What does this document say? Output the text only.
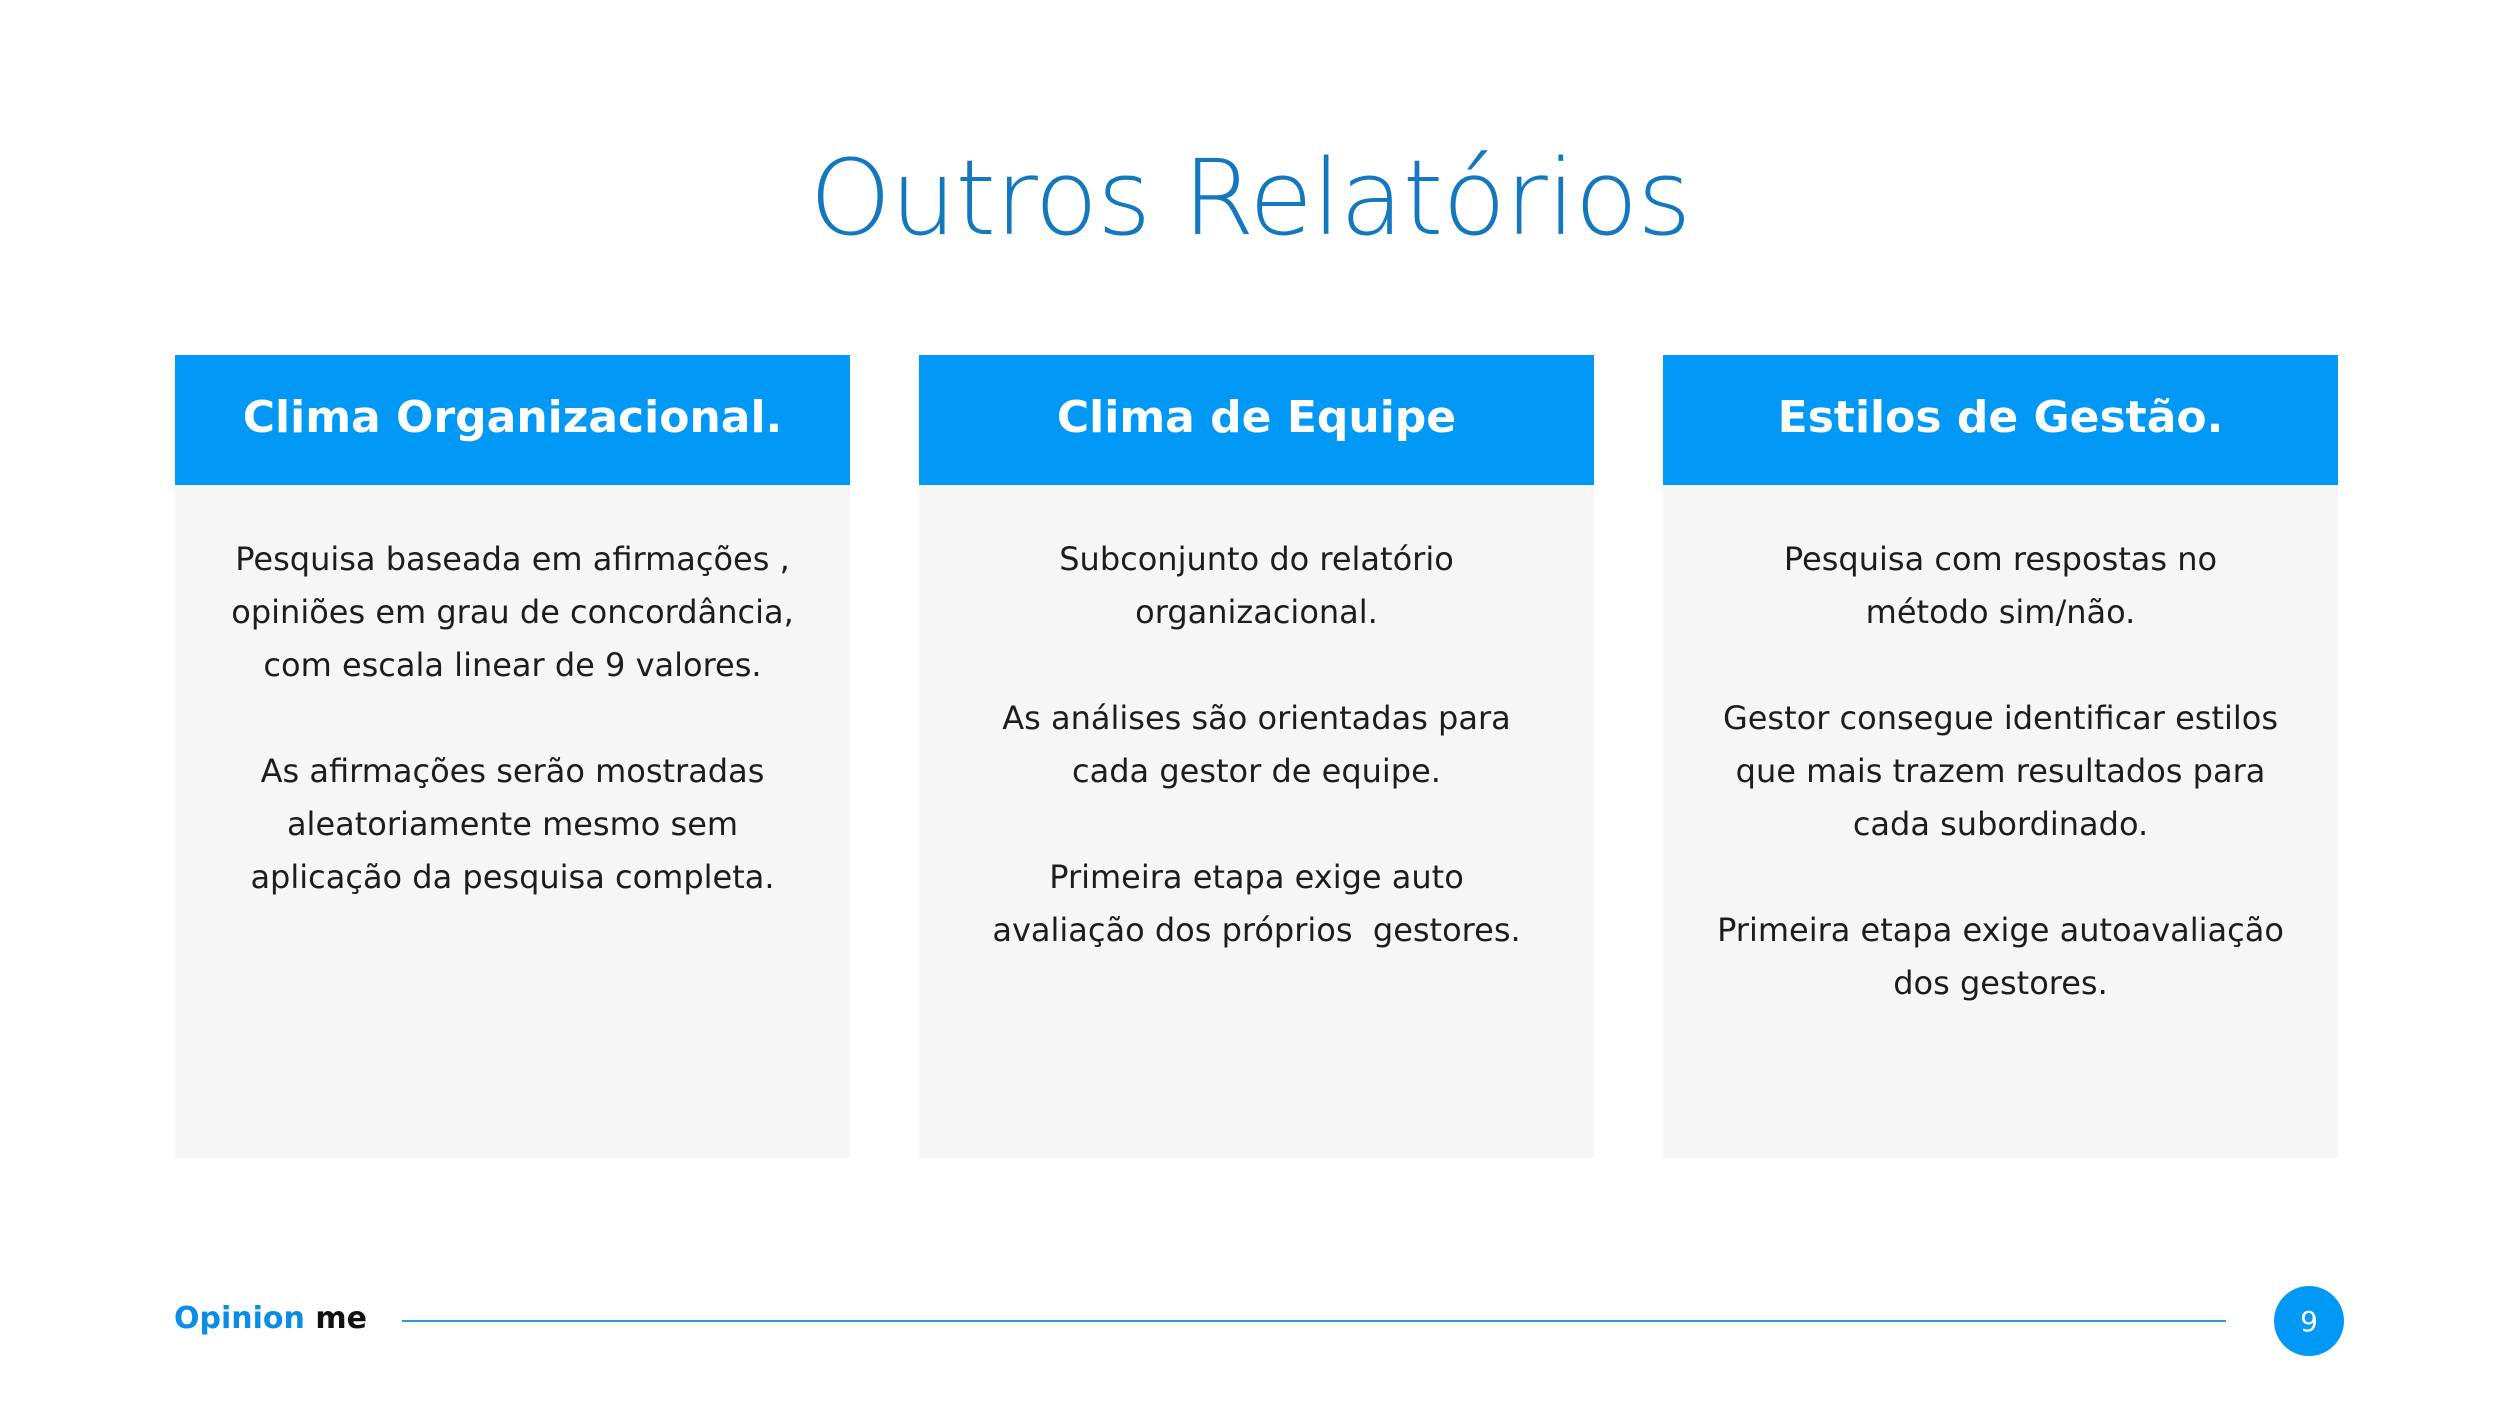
Outros Relatórios
Clima Organizacional.

Pesquisa baseada em afirmações ,
opiniões em grau de concordância,
com escala linear de 9 valores.

As afirmações serão mostradas
aleatoriamente mesmo sem
aplicação da pesquisa completa.

Clima de Equipe

Subconjunto do relatório
organizacional.

As análises são orientadas para
cada gestor de equipe.

Primeira etapa exige auto
avaliação dos próprios  gestores.

Estilos de Gestão.

Pesquisa com respostas no
método sim/não.

Gestor consegue identificar estilos
que mais trazem resultados para
cada subordinado.

Primeira etapa exige autoavaliação
dos gestores.

Opinion me	9
